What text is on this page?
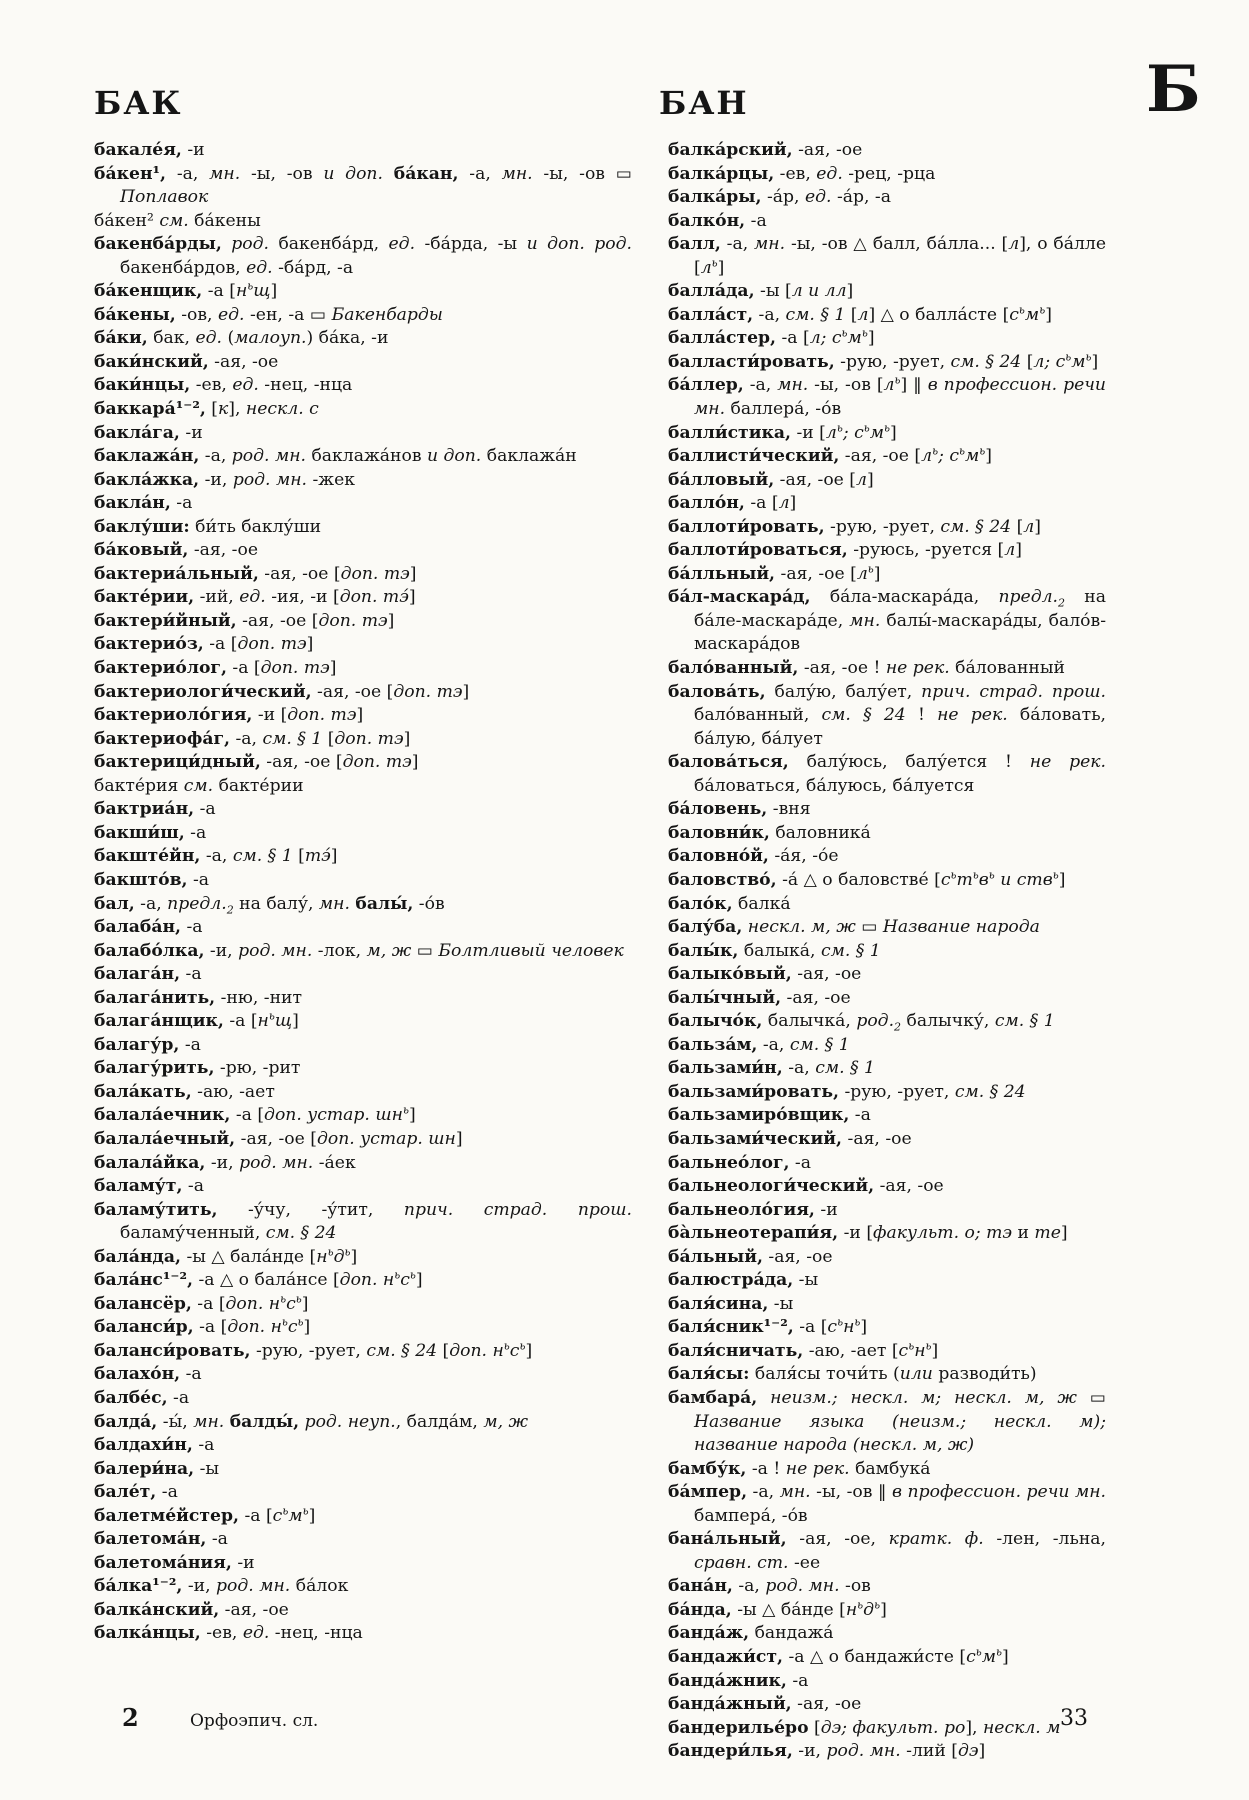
БАК	БАН	Б

бакале́я, -и

ба́кен¹, -а, мн. -ы, -ов и доп. ба́кан, -а, мн. -ы, -ов ▭ Поплавок

ба́кен² см. ба́кены

бакенба́рды, род. бакенба́рд, ед. -ба́рда, -ы и доп. род. бакенба́рдов, ед. -ба́рд, -а

ба́кенщик, -а $[н^ьщ]$

ба́кены, -ов, ед. -ен, -а ▭ Бакенбарды

ба́ки, бак, ед. (малоуп.) ба́ка, -и

баки́нский, -ая, -ое

баки́нцы, -ев, ед. -нец, -нца

баккара́¹⁻², [к], нескл. с

бакла́га, -и

баклажа́н, -а, род. мн. баклажа́нов и доп. баклажа́н

бакла́жка, -и, род. мн. -жек

бакла́н, -а

баклу́ши: би́ть баклу́ши

ба́ковый, -ая, -ое

бактериа́льный, -ая, -ое [доп. тэ]

бакте́рии, -ий, ед. -ия, -и [доп. тэ́]

бактери́йный, -ая, -ое [доп. тэ]

бактерио́з, -а [доп. тэ]

бактерио́лог, -а [доп. тэ]

бактериологи́ческий, -ая, -ое [доп. тэ]

бактериоло́гия, -и [доп. тэ]

бактериофа́г, -а, см. § 1 [доп. тэ]

бактерици́дный, -ая, -ое [доп. тэ]

бакте́рия см. бакте́рии

бактриа́н, -а

бакши́ш, -а

бакште́йн, -а, см. § 1 [тэ́]

бакшто́в, -а

бал, -а, $предл._2$ на балу́, мн. балы́, -о́в

балаба́н, -а

балабо́лка, -и, род. мн. -лок, м, ж ▭ Болтливый человек

балага́н, -а

балага́нить, -ню, -нит

балага́нщик, -а $[н^ьщ]$

балагу́р, -а

балагу́рить, -рю, -рит

бала́кать, -аю, -ает

балала́ечник, -а [доп. устар. $шн^ь$]

балала́ечный, -ая, -ое [доп. устар. шн]

балала́йка, -и, род. мн. -а́ек

баламу́т, -а

баламу́тить, -у́чу, -у́тит, прич. страд. прош. баламу́ченный, см. § 24

бала́нда, -ы △ бала́нде $[н^ьд^ь]$

бала́нс¹⁻², -а △ о бала́нсе [доп. $н^ьс^ь$]

балансёр, -а [доп. $н^ьс^ь$]

баланси́р, -а [доп. $н^ьс^ь$]

баланси́ровать, -рую, -рует, см. § 24 [доп. $н^ьс^ь$]

балахо́н, -а

балбе́с, -а

балда́, -ы́, мн. балды́, род. неуп., балда́м, м, ж

балдахи́н, -а

балери́на, -ы

бале́т, -а

балетме́йстер, -а $[с^ьм^ь]$

балетома́н, -а

балетома́ния, -и

ба́лка¹⁻², -и, род. мн. ба́лок

балка́нский, -ая, -ое

балка́нцы, -ев, ед. -нец, -нца

балка́рский, -ая, -ое

балка́рцы, -ев, ед. -рец, -рца

балка́ры, -а́р, ед. -а́р, -а

балко́н, -а

балл, -а, мн. -ы, -ов △ балл, ба́лла... [л], о ба́лле $[л^ь]$

балла́да, -ы [л и лл]

балла́ст, -а, см. § 1 [л] △ о балла́сте $[с^ьм^ь]$

балла́стер, -а [л; $с^ьм^ь$]

балласти́ровать, -рую, -рует, см. § 24 [л; $с^ьм^ь$]

ба́ллер, -а, мн. -ы, -ов $[л^ь]$ ‖ в профессион. речи мн. баллера́, -о́в

балли́стика, -и [$л^ь$; $с^ьм^ь$]

баллисти́ческий, -ая, -ое [$л^ь$; $с^ьм^ь$]

ба́лловый, -ая, -ое [л]

балло́н, -а [л]

баллоти́ровать, -рую, -рует, см. § 24 [л]

баллоти́роваться, -руюсь, -руется [л]

ба́лльный, -ая, -ое $[л^ь]$

ба́л-маскара́д, ба́ла-маскара́да, $предл._2$ на ба́ле-маскара́де, мн. балы́-маскара́ды, бало́в-маскара́дов

бало́ванный, -ая, -ое ! не рек. ба́лованный

балова́ть, балу́ю, балу́ет, прич. страд. прош. бало́ванный, см. § 24 ! не рек. ба́ловать, ба́лую, ба́лует

балова́ться, балу́юсь, балу́ется ! не рек. ба́ловаться, ба́луюсь, ба́луется

ба́ловень, -вня

баловни́к, баловника́

баловно́й, -а́я, -о́е

баловство́, -а́ △ о баловстве́ [$с^ьт^ьв^ь$ и ств$^ь$]

бало́к, балка́

балу́ба, нескл. м, ж ▭ Название народа

балы́к, балыка́, см. § 1

балыко́вый, -ая, -ое

балы́чный, -ая, -ое

балычо́к, балычка́, $род._2$ балычку́, см. § 1

бальза́м, -а, см. § 1

бальзами́н, -а, см. § 1

бальзами́ровать, -рую, -рует, см. § 24

бальзамиро́вщик, -а

бальзами́ческий, -ая, -ое

бальнео́лог, -а

бальнеологи́ческий, -ая, -ое

бальнеоло́гия, -и

ба̀льнеотерапи́я, -и [факульт. о; тэ и те]

ба́льный, -ая, -ое

балюстра́да, -ы

баля́сина, -ы

баля́сник¹⁻², -а $[с^ьн^ь]$

баля́сничать, -аю, -ает $[с^ьн^ь]$

баля́сы: баля́сы точи́ть (или разводи́ть)

бамбара́, неизм.; нескл. м; нескл. м, ж ▭ Название языка (неизм.; нескл. м); название народа (нескл. м, ж)

бамбу́к, -а ! не рек. бамбука́

ба́мпер, -а, мн. -ы, -ов ‖ в профессион. речи мн. бампера́, -о́в

бана́льный, -ая, -ое, кратк. ф. -лен, -льна, сравн. ст. -ее

бана́н, -а, род. мн. -ов

ба́нда, -ы △ ба́нде $[н^ьд^ь]$

банда́ж, бандажа́

бандажи́ст, -а △ о бандажи́сте $[с^ьм^ь]$

банда́жник, -а

банда́жный, -ая, -ое

бандерилье́ро [дэ; факульт. ро], нескл. м

бандери́лья, -и, род. мн. -лий [дэ]

2	Орфоэпич. сл.	33
